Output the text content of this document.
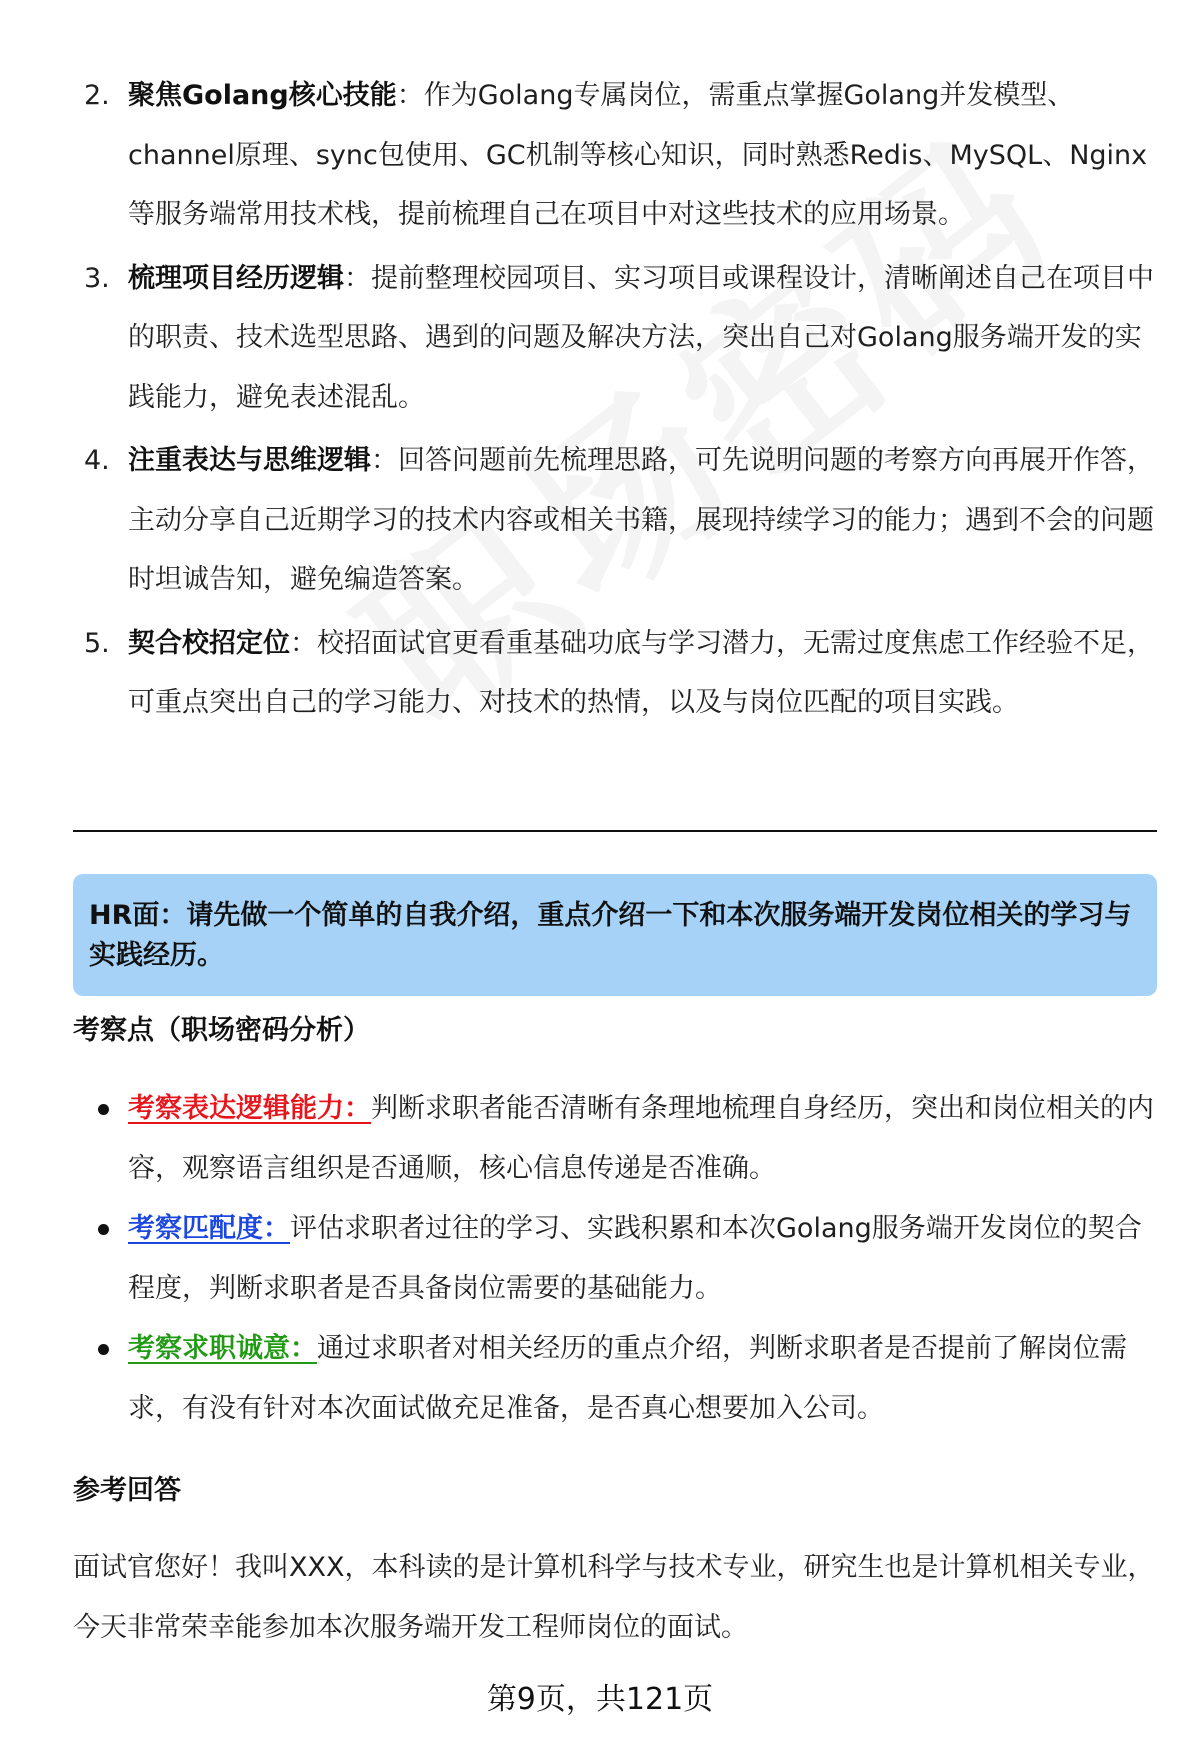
2. 聚焦Golang核心技能：作为Golang专属岗位，需重点掌握Golang并发模型、channel原理、sync包使用、GC机制等核心知识，同时熟悉Redis、MySQL、Nginx等服务端常用技术栈，提前梳理自己在项目中对这些技术的应用场景。
3. 梳理项目经历逻辑：提前整理校园项目、实习项目或课程设计，清晰阐述自己在项目中的职责、技术选型思路、遇到的问题及解决方法，突出自己对Golang服务端开发的实践能力，避免表述混乱。
4. 注重表达与思维逻辑：回答问题前先梳理思路，可先说明问题的考察方向再展开作答，主动分享自己近期学习的技术内容或相关书籍，展现持续学习的能力；遇到不会的问题时坦诚告知，避免编造答案。
5. 契合校招定位：校招面试官更看重基础功底与学习潜力，无需过度焦虑工作经验不足，可重点突出自己的学习能力、对技术的热情，以及与岗位匹配的项目实践。
HR面：请先做一个简单的自我介绍，重点介绍一下和本次服务端开发岗位相关的学习与实践经历。
考察点（职场密码分析）
考察表达逻辑能力：判断求职者能否清晰有条理地梳理自身经历，突出和岗位相关的内容，观察语言组织是否通顺，核心信息传递是否准确。
考察匹配度：评估求职者过往的学习、实践积累和本次Golang服务端开发岗位的契合程度，判断求职者是否具备岗位需要的基础能力。
考察求职诚意：通过求职者对相关经历的重点介绍，判断求职者是否提前了解岗位需求，有没有针对本次面试做充足准备，是否真心想要加入公司。
参考回答
面试官您好！我叫XXX，本科读的是计算机科学与技术专业，研究生也是计算机相关专业，今天非常荣幸能参加本次服务端开发工程师岗位的面试。
第9页，共121页
